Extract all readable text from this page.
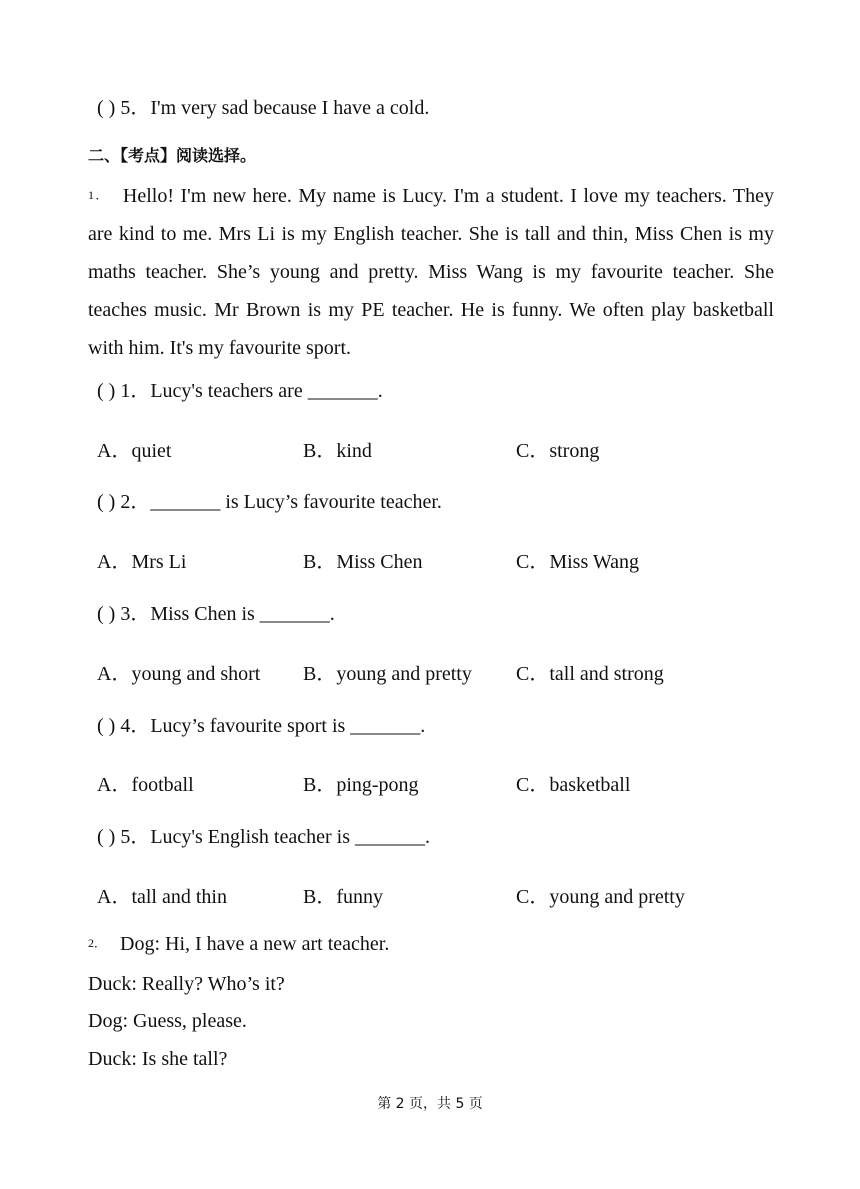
( ) 5．I'm very sad because I have a cold.
二、【考点】阅读选择。
1． Hello! I'm new here. My name is Lucy. I'm a student. I love my teachers. They are kind to me. Mrs Li is my English teacher. She is tall and thin, Miss Chen is my maths teacher. She’s young and pretty. Miss Wang is my favourite teacher. She teaches music. Mr Brown is my PE teacher. He is funny. We often play basketball with him. It's my favourite sport.
( ) 1．Lucy's teachers are _______.
A．quiet	B．kind	C．strong
( ) 2．_______ is Lucy’s favourite teacher.
A．Mrs Li	B．Miss Chen	C．Miss Wang
( ) 3．Miss Chen is _______.
A．young and short B．young and pretty C．tall and strong
( ) 4．Lucy’s favourite sport is _______.
A．football	B．ping-pong	C．basketball
( ) 5．Lucy's English teacher is _______.
A．tall and thin	B．funny	C．young and pretty
2． Dog: Hi, I have a new art teacher.
Duck: Really? Who’s it?
Dog: Guess, please.
Duck: Is she tall?
第 2 页，共 5 页
